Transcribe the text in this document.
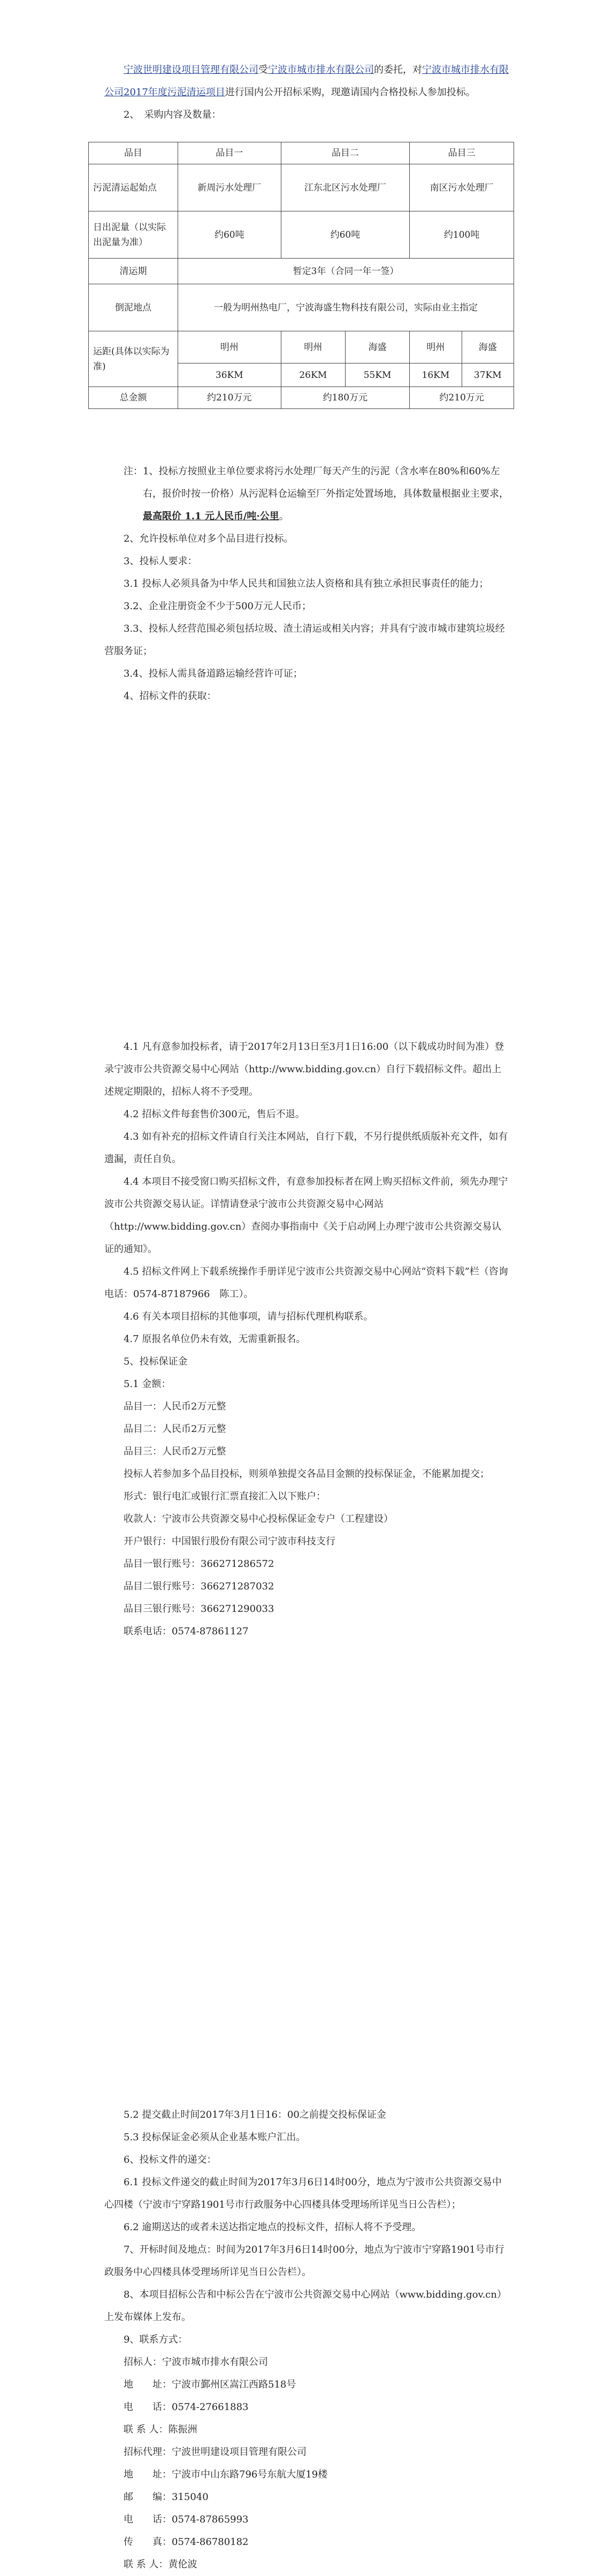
宁波世明建设项目管理有限公司受宁波市城市排水有限公司的委托，对宁波市城市排水有限公司2017年度污泥清运项目进行国内公开招标采购，现邀请国内合格投标人参加投标。

2、　采购内容及数量：

品目	品目一	品目二		品目三	
污泥清运起始点	新周污水处理厂	江东北区污水处理厂		南区污水处理厂	
日出泥量（以实际出泥量为准）	约60吨	约60吨		约100吨	
清运期	暂定3年（合同一年一签）				
倒泥地点	一般为明州热电厂，宁波海盛生物科技有限公司，实际由业主指定				
运距(具体以实际为准)	明州	明州	海盛	明州	海盛
	36KM	26KM	55KM	16KM	37KM
总金额	约210万元	约180万元		约210万元	

注：1、投标方按照业主单位要求将污水处理厂每天产生的污泥（含水率在80%和60%左右，报价时按一价格）从污泥料仓运输至厂外指定处置场地，具体数量根据业主要求，最高限价 1.1 元人民币/吨·公里。

2、允许投标单位对多个品目进行投标。

3、投标人要求：

3.1 投标人必须具备为中华人民共和国独立法人资格和具有独立承担民事责任的能力；

3.2、企业注册资金不少于500万元人民币；

3.3、投标人经营范围必须包括垃圾、渣土清运或相关内容；并具有宁波市城市建筑垃圾经营服务证；

3.4、投标人需具备道路运输经营许可证；

4、招标文件的获取：

4.1 凡有意参加投标者，请于2017年2月13日至3月1日16:00（以下载成功时间为准）登录宁波市公共资源交易中心网站（http://www.bidding.gov.cn）自行下载招标文件。超出上述规定期限的，招标人将不予受理。

4.2 招标文件每套售价300元，售后不退。

4.3 如有补充的招标文件请自行关注本网站，自行下载，不另行提供纸质版补充文件，如有遗漏，责任自负。

4.4 本项目不接受窗口购买招标文件，有意参加投标者在网上购买招标文件前，须先办理宁波市公共资源交易认证。详情请登录宁波市公共资源交易中心网站（http://www.bidding.gov.cn）查阅办事指南中《关于启动网上办理宁波市公共资源交易认证的通知》。

4.5 招标文件网上下载系统操作手册详见宁波市公共资源交易中心网站“资料下载”栏（咨询电话：0574-87187966　陈工）。

4.6 有关本项目招标的其他事项，请与招标代理机构联系。

4.7 原报名单位仍未有效，无需重新报名。

5、投标保证金

5.1 金额：

品目一：人民币2万元整

品目二：人民币2万元整

品目三：人民币2万元整

投标人若参加多个品目投标，则须单独提交各品目金额的投标保证金，不能累加提交；

形式：银行电汇或银行汇票直接汇入以下账户：

收款人：宁波市公共资源交易中心投标保证金专户（工程建设）

开户银行：中国银行股份有限公司宁波市科技支行

品目一银行账号：366271286572

品目二银行账号：366271287032

品目三银行账号：366271290033

联系电话：0574-87861127

5.2 提交截止时间2017年3月1日16：00之前提交投标保证金

5.3 投标保证金必须从企业基本账户汇出。

6、投标文件的递交：

6.1 投标文件递交的截止时间为2017年3月6日14时00分，地点为宁波市公共资源交易中心四楼（宁波市宁穿路1901号市行政服务中心四楼具体受理场所详见当日公告栏）；

6.2 逾期送达的或者未送达指定地点的投标文件，招标人将不予受理。

7、开标时间及地点：时间为2017年3月6日14时00分，地点为宁波市宁穿路1901号市行政服务中心四楼具体受理场所详见当日公告栏）。

8、本项目招标公告和中标公告在宁波市公共资源交易中心网站（www.bidding.gov.cn）上发布媒体上发布。

9、联系方式：

招标人：宁波市城市排水有限公司

地　　址：宁波市鄞州区嵩江西路518号

电　　话：0574-27661883

联 系 人：陈振洲

招标代理：宁波世明建设项目管理有限公司

地　　址：宁波市中山东路796号东航大厦19楼

邮　　编：315040

电　　话：0574-87865993

传　　真：0574-86780182

联 系 人：黄伦波
